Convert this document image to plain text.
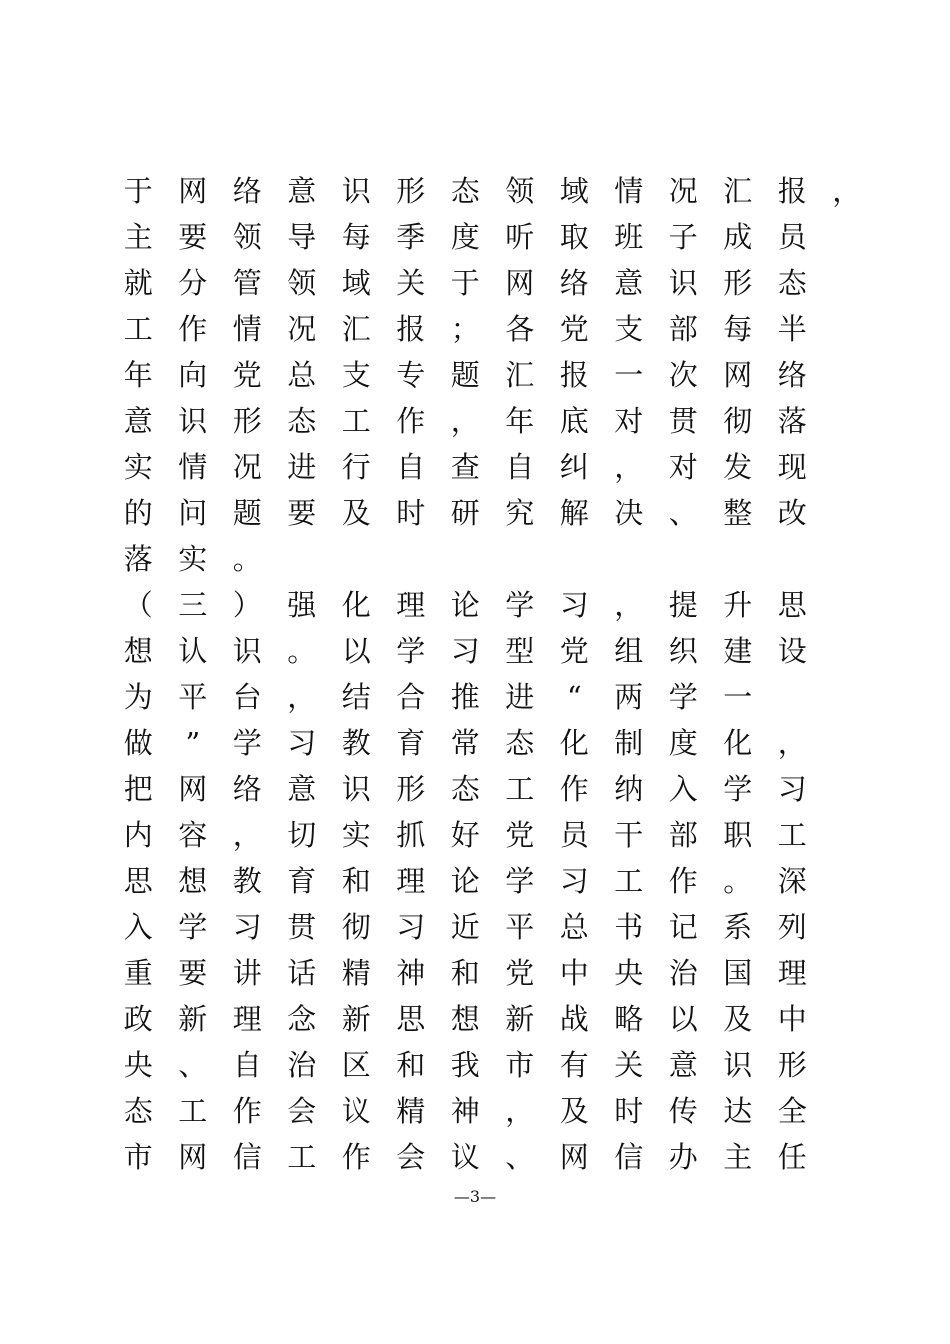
于 网 络 意 识 形 态 领 域 情 况 汇 报 ，
主 要 领 导 每 季 度 听 取 班 子 成 员
就 分 管 领 域 关 于 网 络 意 识 形 态
工 作 情 况 汇 报 ； 各 党 支 部 每 半
年 向 党 总 支 专 题 汇 报 一 次 网 络
意 识 形 态 工 作 ， 年 底 对 贯 彻 落
实 情 况 进 行 自 查 自 纠 ， 对 发 现
的 问 题 要 及 时 研 究 解 决 、 整 改
落 实 。
（ 三 ） 强 化 理 论 学 习 ， 提 升 思
想 认 识 。 以 学 习 型 党 组 织 建 设
为 平 台 ， 结 合 推 进 “ 两 学 一
做 ” 学 习 教 育 常 态 化 制 度 化 ，
把 网 络 意 识 形 态 工 作 纳 入 学 习
内 容 ， 切 实 抓 好 党 员 干 部 职 工
思 想 教 育 和 理 论 学 习 工 作 。 深
入 学 习 贯 彻 习 近 平 总 书 记 系 列
重 要 讲 话 精 神 和 党 中 央 治 国 理
政 新 理 念 新 思 想 新 战 略 以 及 中
央 、 自 治 区 和 我 市 有 关 意 识 形
态 工 作 会 议 精 神 ， 及 时 传 达 全
市 网 信 工 作 会 议 、 网 信 办 主 任
—3—
